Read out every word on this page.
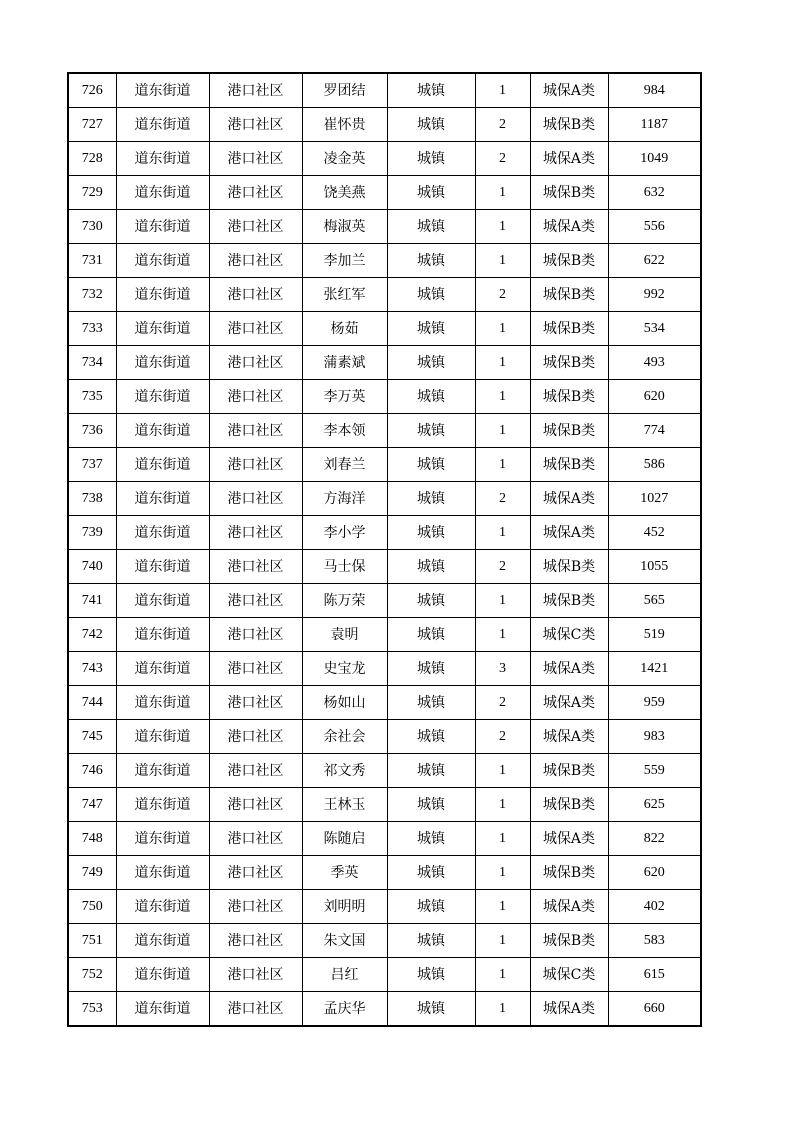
726	道东街道	港口社区	罗团结	城镇	1	城保A类	984
727	道东街道	港口社区	崔怀贵	城镇	2	城保B类	1187
728	道东街道	港口社区	凌金英	城镇	2	城保A类	1049
729	道东街道	港口社区	饶美燕	城镇	1	城保B类	632
730	道东街道	港口社区	梅淑英	城镇	1	城保A类	556
731	道东街道	港口社区	李加兰	城镇	1	城保B类	622
732	道东街道	港口社区	张红军	城镇	2	城保B类	992
733	道东街道	港口社区	杨茹	城镇	1	城保B类	534
734	道东街道	港口社区	蒲素斌	城镇	1	城保B类	493
735	道东街道	港口社区	李万英	城镇	1	城保B类	620
736	道东街道	港口社区	李本领	城镇	1	城保B类	774
737	道东街道	港口社区	刘春兰	城镇	1	城保B类	586
738	道东街道	港口社区	方海洋	城镇	2	城保A类	1027
739	道东街道	港口社区	李小学	城镇	1	城保A类	452
740	道东街道	港口社区	马士保	城镇	2	城保B类	1055
741	道东街道	港口社区	陈万荣	城镇	1	城保B类	565
742	道东街道	港口社区	袁明	城镇	1	城保C类	519
743	道东街道	港口社区	史宝龙	城镇	3	城保A类	1421
744	道东街道	港口社区	杨如山	城镇	2	城保A类	959
745	道东街道	港口社区	余社会	城镇	2	城保A类	983
746	道东街道	港口社区	祁文秀	城镇	1	城保B类	559
747	道东街道	港口社区	王林玉	城镇	1	城保B类	625
748	道东街道	港口社区	陈随启	城镇	1	城保A类	822
749	道东街道	港口社区	季英	城镇	1	城保B类	620
750	道东街道	港口社区	刘明明	城镇	1	城保A类	402
751	道东街道	港口社区	朱文国	城镇	1	城保B类	583
752	道东街道	港口社区	吕红	城镇	1	城保C类	615
753	道东街道	港口社区	孟庆华	城镇	1	城保A类	660
